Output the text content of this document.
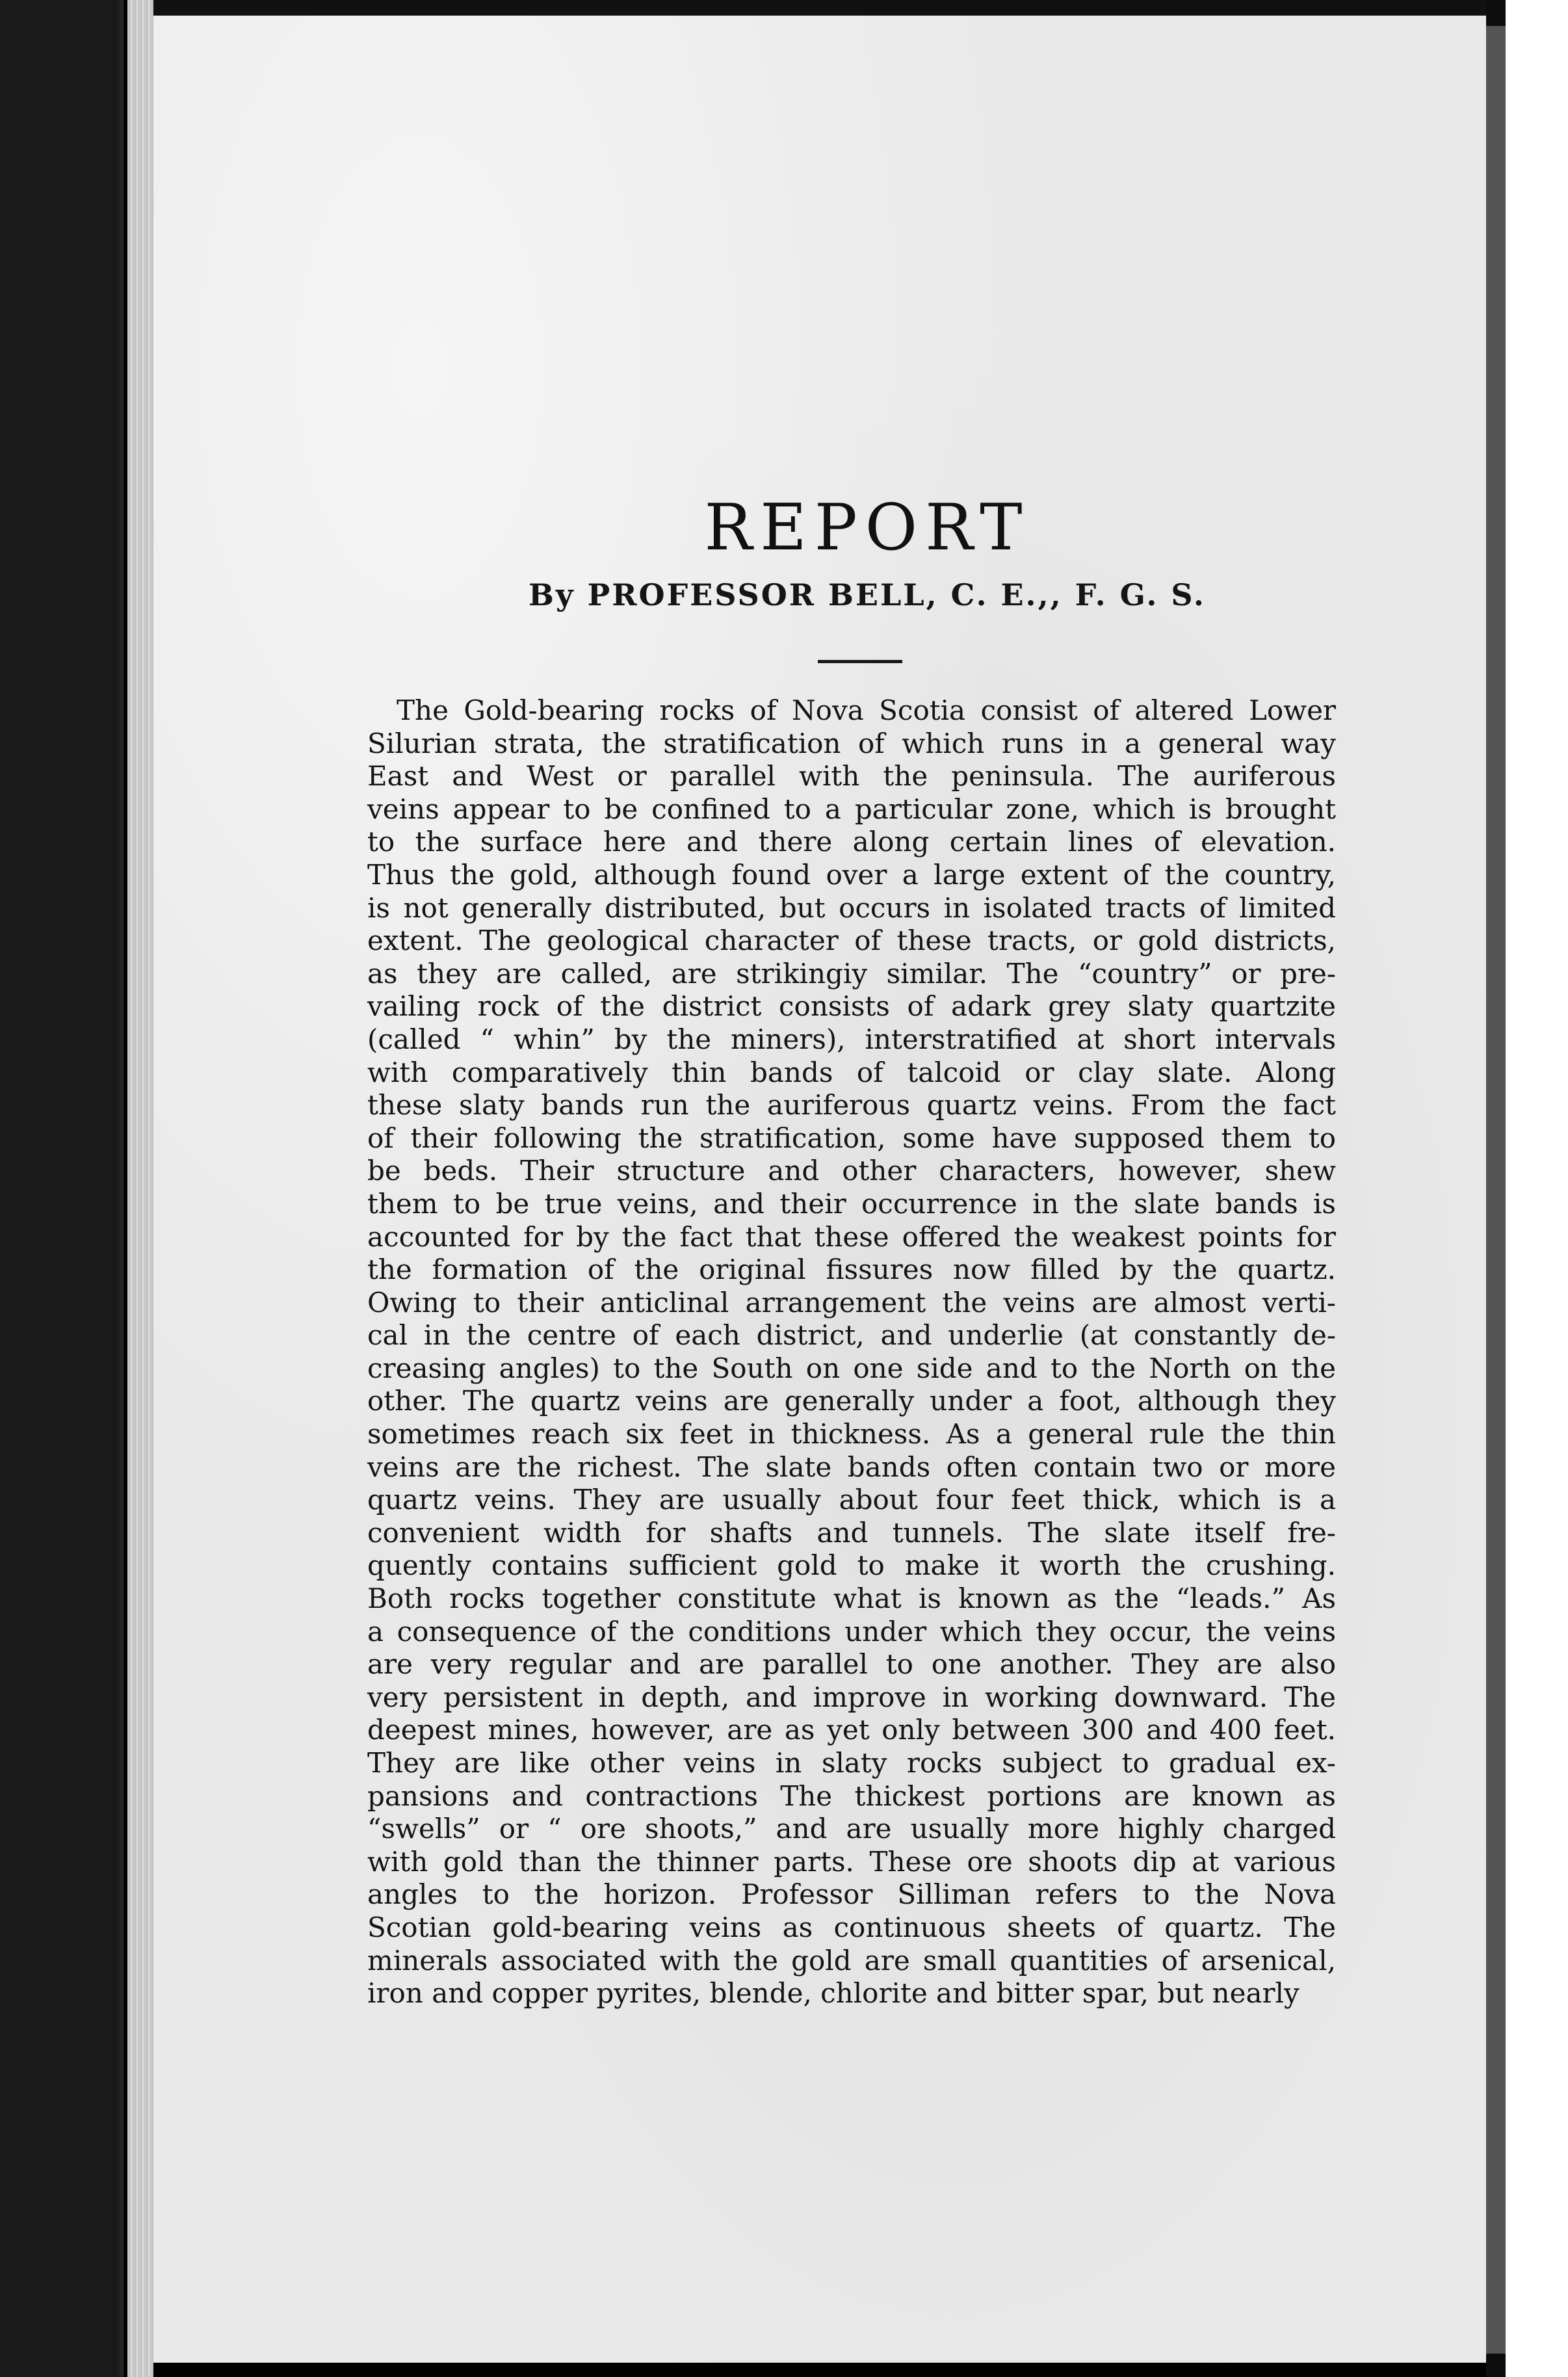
REPORT
By PROFESSOR BELL, C. E.,, F. G. S.
The Gold-bearing rocks of Nova Scotia consist of altered Lower
Silurian strata, the stratification of which runs in a general way
East and West or parallel with the peninsula. The auriferous
veins appear to be confined to a particular zone, which is brought
to the surface here and there along certain lines of elevation.
Thus the gold, although found over a large extent of the country,
is not generally distributed, but occurs in isolated tracts of limited
extent. The geological character of these tracts, or gold districts,
as they are called, are strikingiy similar. The “country” or pre-
vailing rock of the district consists of adark grey slaty quartzite
(called “ whin” by the miners), interstratified at short intervals
with comparatively thin bands of talcoid or clay slate. Along
these slaty bands run the auriferous quartz veins. From the fact
of their following the stratification, some have supposed them to
be beds. Their structure and other characters, however, shew
them to be true veins, and their occurrence in the slate bands is
accounted for by the fact that these offered the weakest points for
the formation of the original fissures now filled by the quartz.
Owing to their anticlinal arrangement the veins are almost verti-
cal in the centre of each district, and underlie (at constantly de-
creasing angles) to the South on one side and to the North on the
other. The quartz veins are generally under a foot, although they
sometimes reach six feet in thickness. As a general rule the thin
veins are the richest. The slate bands often contain two or more
quartz veins. They are usually about four feet thick, which is a
convenient width for shafts and tunnels. The slate itself fre-
quently contains sufficient gold to make it worth the crushing.
Both rocks together constitute what is known as the “leads.” As
a consequence of the conditions under which they occur, the veins
are very regular and are parallel to one another. They are also
very persistent in depth, and improve in working downward. The
deepest mines, however, are as yet only between 300 and 400 feet.
They are like other veins in slaty rocks subject to gradual ex-
pansions and contractions The thickest portions are known as
“swells” or “ ore shoots,” and are usually more highly charged
with gold than the thinner parts. These ore shoots dip at various
angles to the horizon. Professor Silliman refers to the Nova
Scotian gold-bearing veins as continuous sheets of quartz. The
minerals associated with the gold are small quantities of arsenical,
iron and copper pyrites, blende, chlorite and bitter spar, but nearly
